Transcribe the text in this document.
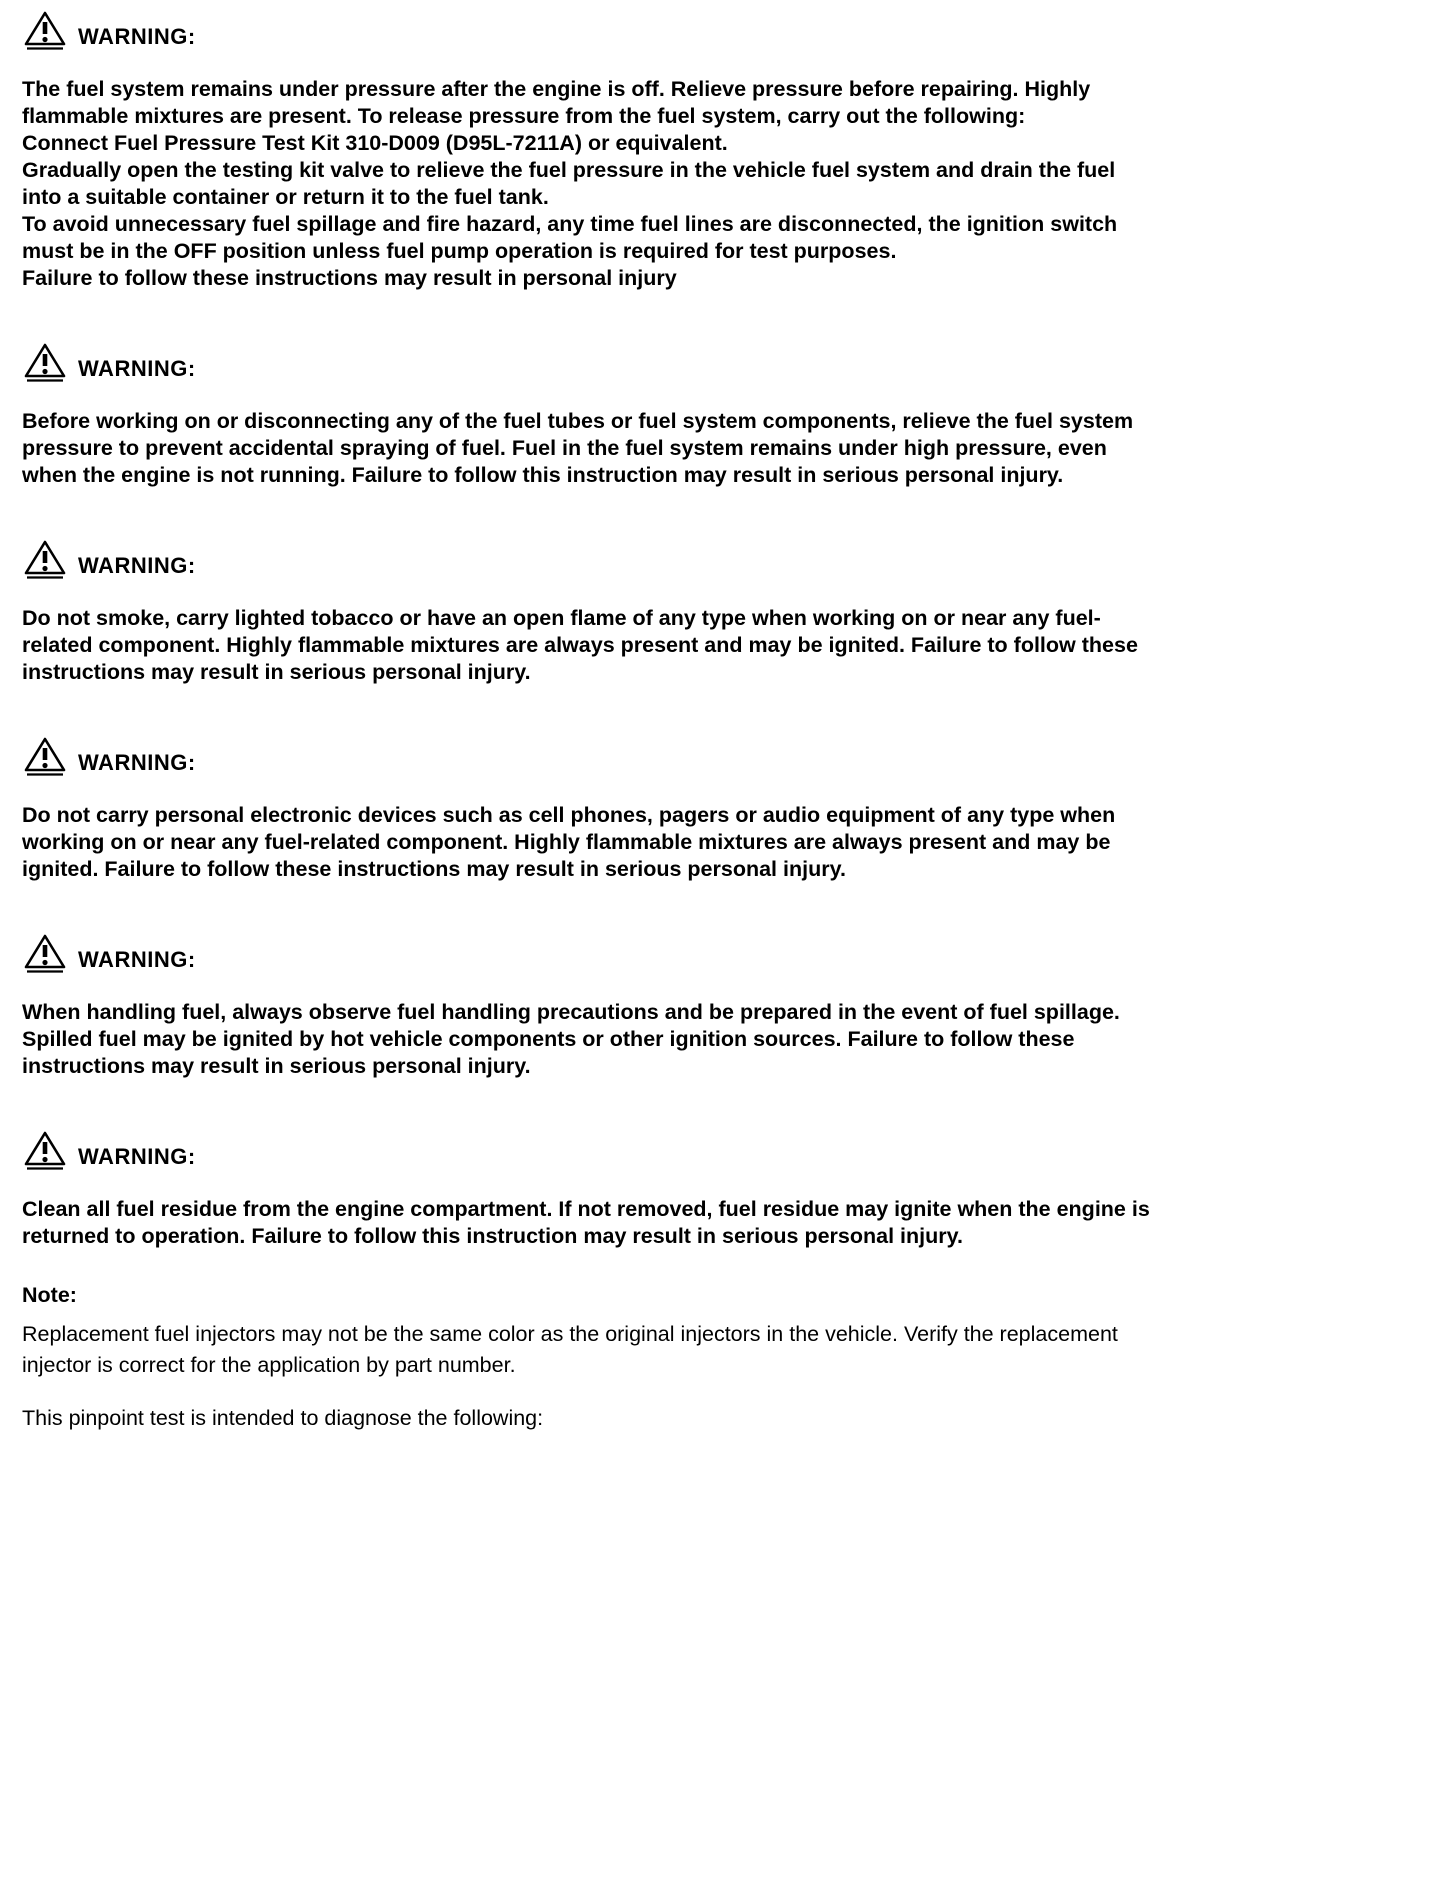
WARNING:

The fuel system remains under pressure after the engine is off. Relieve pressure before repairing. Highly flammable mixtures are present. To release pressure from the fuel system, carry out the following:

Connect Fuel Pressure Test Kit 310-D009 (D95L-7211A) or equivalent.

Gradually open the testing kit valve to relieve the fuel pressure in the vehicle fuel system and drain the fuel into a suitable container or return it to the fuel tank.

To avoid unnecessary fuel spillage and fire hazard, any time fuel lines are disconnected, the ignition switch must be in the OFF position unless fuel pump operation is required for test purposes.

Failure to follow these instructions may result in personal injury

WARNING:

Before working on or disconnecting any of the fuel tubes or fuel system components, relieve the fuel system pressure to prevent accidental spraying of fuel. Fuel in the fuel system remains under high pressure, even when the engine is not running. Failure to follow this instruction may result in serious personal injury.

WARNING:

Do not smoke, carry lighted tobacco or have an open flame of any type when working on or near any fuel-related component. Highly flammable mixtures are always present and may be ignited. Failure to follow these instructions may result in serious personal injury.

WARNING:

Do not carry personal electronic devices such as cell phones, pagers or audio equipment of any type when working on or near any fuel-related component. Highly flammable mixtures are always present and may be ignited. Failure to follow these instructions may result in serious personal injury.

WARNING:

When handling fuel, always observe fuel handling precautions and be prepared in the event of fuel spillage. Spilled fuel may be ignited by hot vehicle components or other ignition sources. Failure to follow these instructions may result in serious personal injury.

WARNING:

Clean all fuel residue from the engine compartment. If not removed, fuel residue may ignite when the engine is returned to operation. Failure to follow this instruction may result in serious personal injury.

Note:

Replacement fuel injectors may not be the same color as the original injectors in the vehicle. Verify the replacement injector is correct for the application by part number.

This pinpoint test is intended to diagnose the following:
